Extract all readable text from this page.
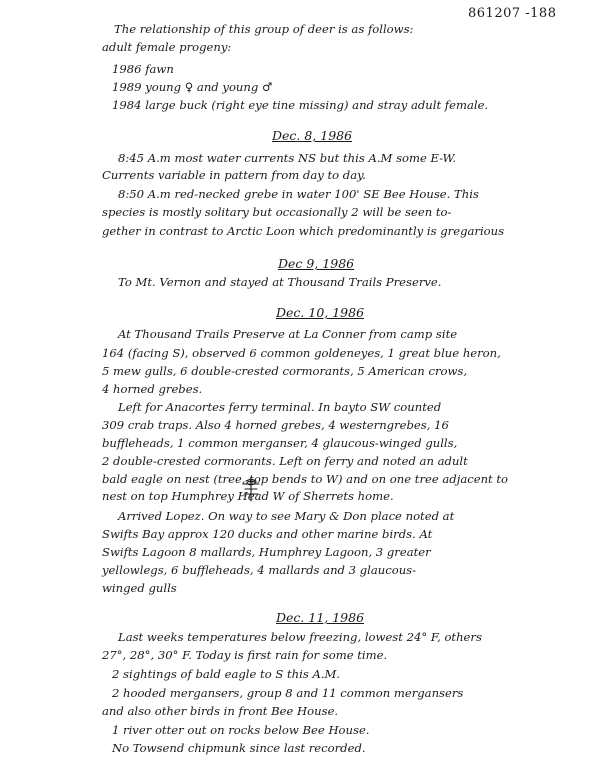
861207 -188
The relationship of this group of deer is as follows:
adult female progeny:
1986 fawn
1989 young ♀ and young ♂
1984 large buck (right eye tine missing) and stray adult female.
Dec. 8, 1986
8:45 A.m most water currents NS but this A.M some E-W.
Currents variable in pattern from day to day.
8:50 A.m red-necked grebe in water 100' SE Bee House. This
species is mostly solitary but occasionally 2 will be seen to-
gether in contrast to Arctic Loon which predominantly is gregarious
Dec 9, 1986
To Mt. Vernon and stayed at Thousand Trails Preserve.
Dec. 10, 1986
At Thousand Trails Preserve at La Conner from camp site
164 (facing S), observed 6 common goldeneyes, 1 great blue heron,
5 mew gulls, 6 double-crested cormorants, 5 American crows,
4 horned grebes.
Left for Anacortes ferry terminal. In bayto SW counted
309 crab traps. Also 4 horned grebes, 4 westerngrebes, 16
buffleheads, 1 common merganser, 4 glaucous-winged gulls,
2 double-crested cormorants. Left on ferry and noted an adult
bald eagle on nest (tree, top bends to W) and on one tree adjacent to
nest on top Humphrey Head W of Sherrets home.
Arrived Lopez. On way to see Mary & Don place noted at
Swifts Bay approx 120 ducks and other marine birds. At
Swifts Lagoon 8 mallards, Humphrey Lagoon, 3 greater
yellowlegs, 6 buffleheads, 4 mallards and 3 glaucous-
winged gulls
Dec. 11, 1986
Last weeks temperatures below freezing, lowest 24° F, others
27°, 28°, 30° F. Today is first rain for some time.
2 sightings of bald eagle to S this A.M.
2 hooded mergansers, group 8 and 11 common mergansers
and also other birds in front Bee House.
1 river otter out on rocks below Bee House.
No Towsend chipmunk since last recorded.
